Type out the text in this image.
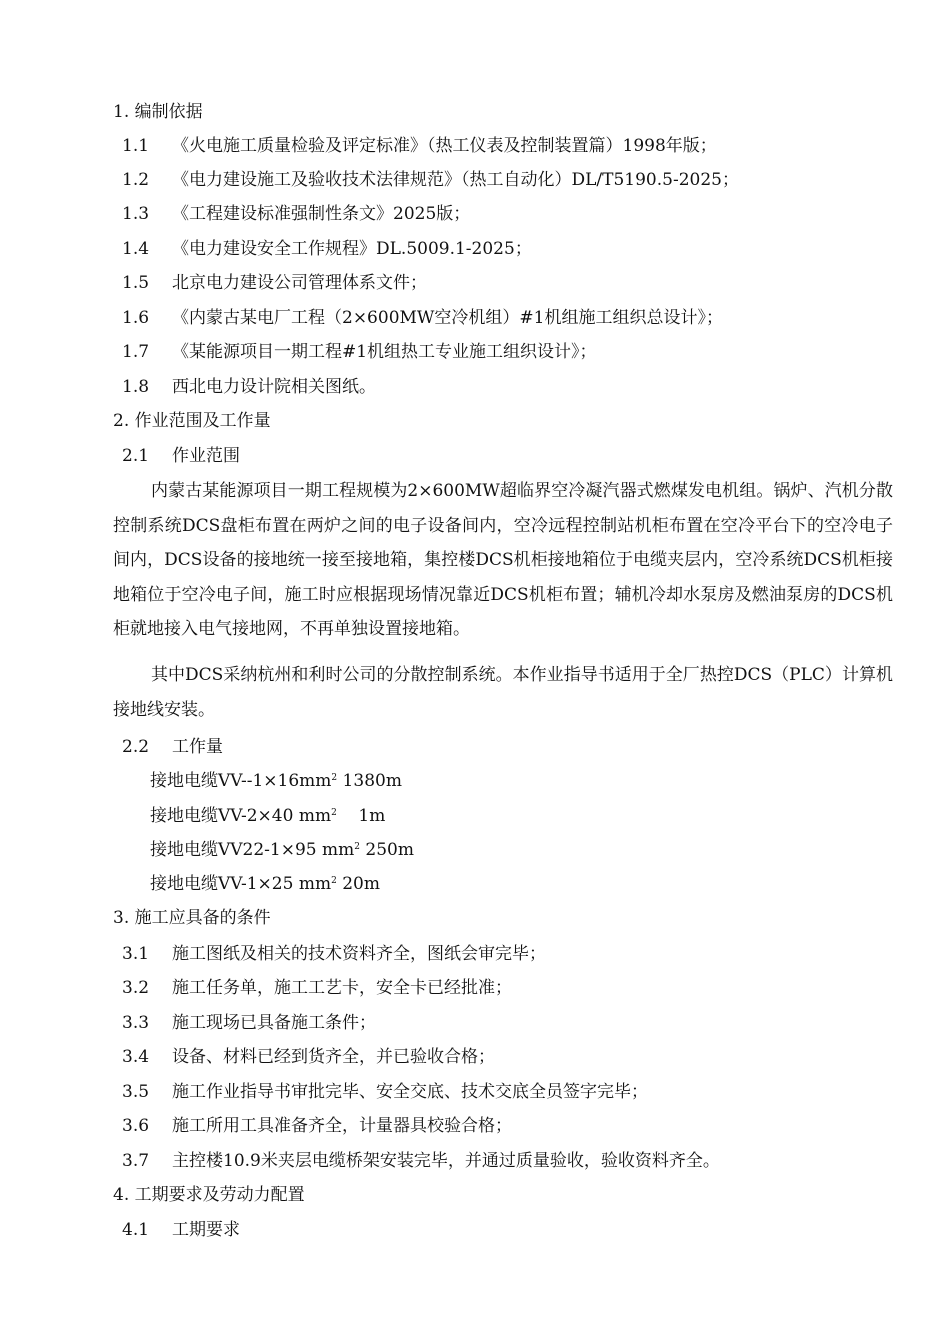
1. 编制依据
1.1 《火电施工质量检验及评定标准》（热工仪表及控制装置篇）1998年版；
1.2 《电力建设施工及验收技术法律规范》（热工自动化）DL/T5190.5-2025；
1.3 《工程建设标准强制性条文》2025版；
1.4 《电力建设安全工作规程》DL.5009.1-2025；
1.5 北京电力建设公司管理体系文件；
1.6 《内蒙古某电厂工程（2×600MW空冷机组）#1机组施工组织总设计》；
1.7 《某能源项目一期工程#1机组热工专业施工组织设计》；
1.8 西北电力设计院相关图纸。
2. 作业范围及工作量
2.1 作业范围
内蒙古某能源项目一期工程规模为2×600MW超临界空冷凝汽器式燃煤发电机组。锅炉、汽机分散控制系统DCS盘柜布置在两炉之间的电子设备间内，空冷远程控制站机柜布置在空冷平台下的空冷电子间内，DCS设备的接地统一接至接地箱，集控楼DCS机柜接地箱位于电缆夹层内，空冷系统DCS机柜接地箱位于空冷电子间，施工时应根据现场情况靠近DCS机柜布置；辅机冷却水泵房及燃油泵房的DCS机柜就地接入电气接地网，不再单独设置接地箱。
其中DCS采纳杭州和利时公司的分散控制系统。本作业指导书适用于全厂热控DCS（PLC）计算机接地线安装。
2.2 工作量
接地电缆$VV--1\times 16mm^2$ 1380m
接地电缆VV-2×40 $mm^2$    1m
接地电缆VV22-1×95 $mm^2$ 250m
接地电缆VV-1×25 $mm^2$ 20m
3. 施工应具备的条件
3.1 施工图纸及相关的技术资料齐全，图纸会审完毕；
3.2 施工任务单，施工工艺卡，安全卡已经批准；
3.3 施工现场已具备施工条件；
3.4 设备、材料已经到货齐全，并已验收合格；
3.5 施工作业指导书审批完毕、安全交底、技术交底全员签字完毕；
3.6 施工所用工具准备齐全，计量器具校验合格；
3.7 主控楼10.9米夹层电缆桥架安装完毕，并通过质量验收，验收资料齐全。
4. 工期要求及劳动力配置
4.1 工期要求
